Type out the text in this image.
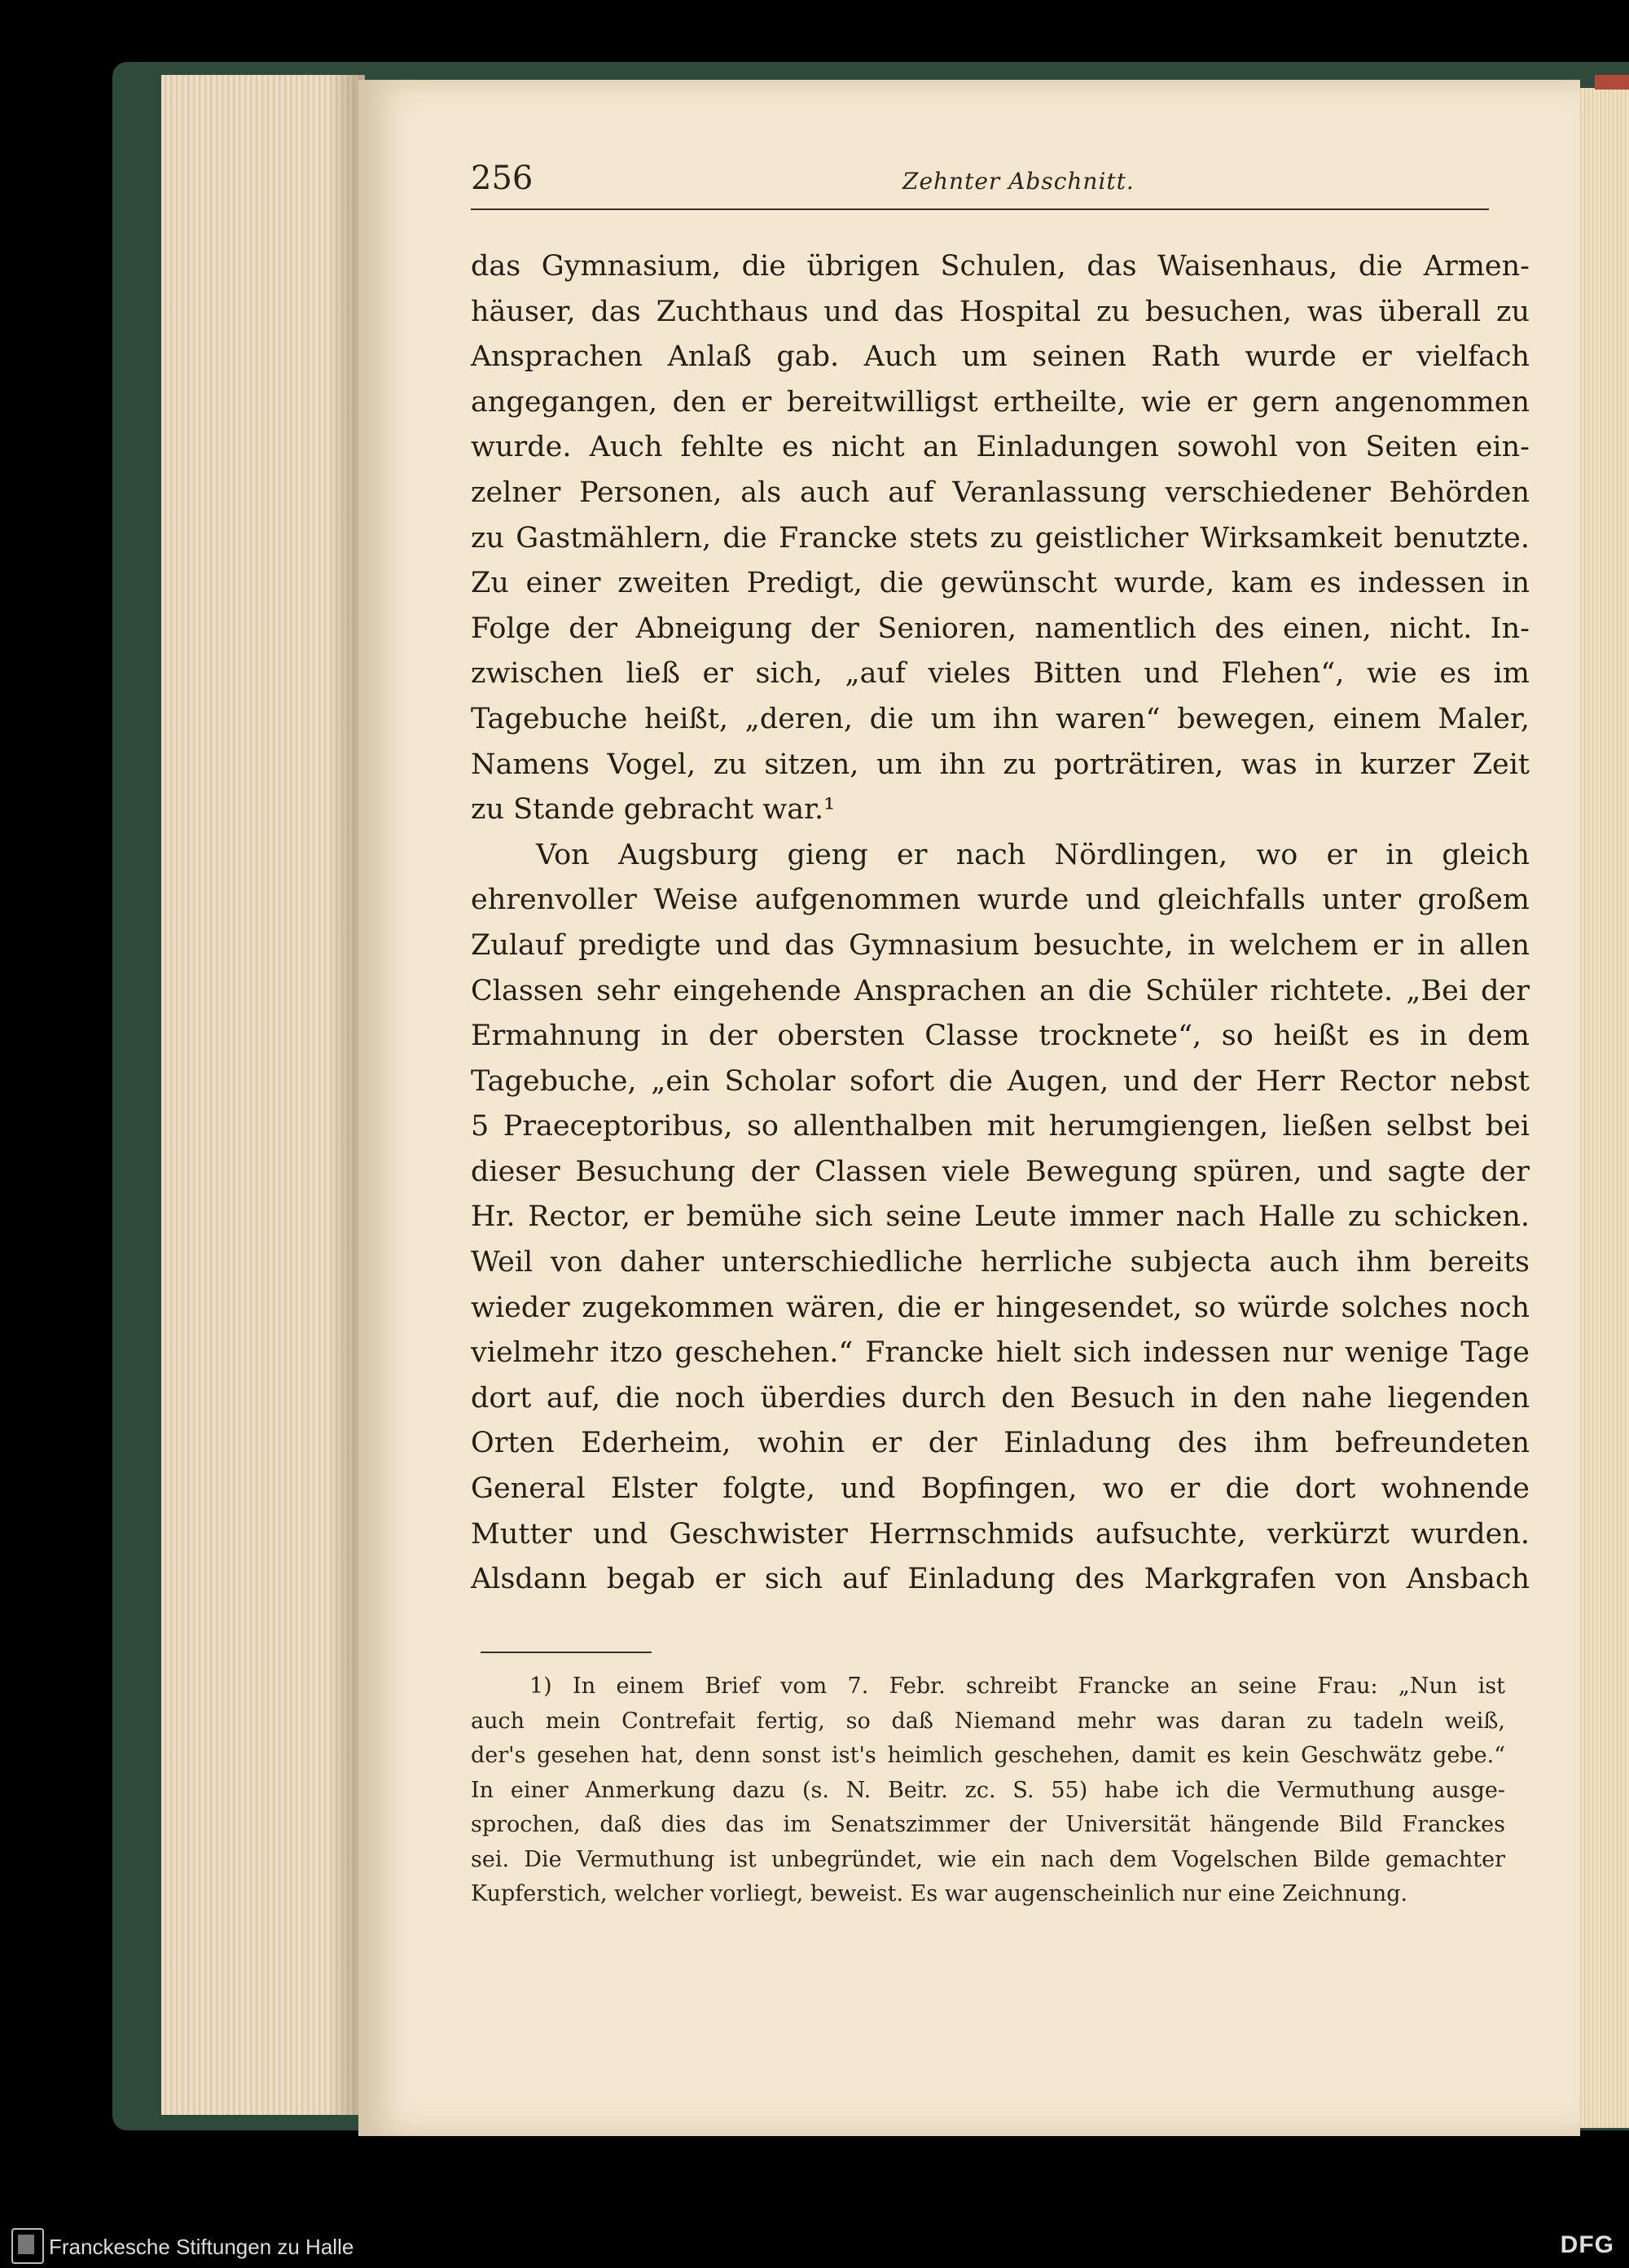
256	Zehnter Abschnitt.
das Gymnasium, die übrigen Schulen, das Waisenhaus, die Armen-
häuser, das Zuchthaus und das Hospital zu besuchen, was überall zu
Ansprachen Anlaß gab. Auch um seinen Rath wurde er vielfach
angegangen, den er bereitwilligst ertheilte, wie er gern angenommen
wurde. Auch fehlte es nicht an Einladungen sowohl von Seiten ein-
zelner Personen, als auch auf Veranlassung verschiedener Behörden
zu Gastmählern, die Francke stets zu geistlicher Wirksamkeit benutzte.
Zu einer zweiten Predigt, die gewünscht wurde, kam es indessen in
Folge der Abneigung der Senioren, namentlich des einen, nicht. In-
zwischen ließ er sich, „auf vieles Bitten und Flehen“, wie es im
Tagebuche heißt, „deren, die um ihn waren“ bewegen, einem Maler,
Namens Vogel, zu sitzen, um ihn zu porträtiren, was in kurzer Zeit
zu Stande gebracht war.¹
Von Augsburg gieng er nach Nördlingen, wo er in gleich
ehrenvoller Weise aufgenommen wurde und gleichfalls unter großem
Zulauf predigte und das Gymnasium besuchte, in welchem er in allen
Classen sehr eingehende Ansprachen an die Schüler richtete. „Bei der
Ermahnung in der obersten Classe trocknete“, so heißt es in dem
Tagebuche, „ein Scholar sofort die Augen, und der Herr Rector nebst
5 Praeceptoribus, so allenthalben mit herumgiengen, ließen selbst bei
dieser Besuchung der Classen viele Bewegung spüren, und sagte der
Hr. Rector, er bemühe sich seine Leute immer nach Halle zu schicken.
Weil von daher unterschiedliche herrliche subjecta auch ihm bereits
wieder zugekommen wären, die er hingesendet, so würde solches noch
vielmehr itzo geschehen.“ Francke hielt sich indessen nur wenige Tage
dort auf, die noch überdies durch den Besuch in den nahe liegenden
Orten Ederheim, wohin er der Einladung des ihm befreundeten
General Elster folgte, und Bopfingen, wo er die dort wohnende
Mutter und Geschwister Herrnschmids aufsuchte, verkürzt wurden.
Alsdann begab er sich auf Einladung des Markgrafen von Ansbach
1) In einem Brief vom 7. Febr. schreibt Francke an seine Frau: „Nun ist
auch mein Contrefait fertig, so daß Niemand mehr was daran zu tadeln weiß,
der's gesehen hat, denn sonst ist's heimlich geschehen, damit es kein Geschwätz gebe.“
In einer Anmerkung dazu (s. N. Beitr. zc. S. 55) habe ich die Vermuthung ausge-
sprochen, daß dies das im Senatszimmer der Universität hängende Bild Franckes
sei. Die Vermuthung ist unbegründet, wie ein nach dem Vogelschen Bilde gemachter
Kupferstich, welcher vorliegt, beweist. Es war augenscheinlich nur eine Zeichnung.
Franckesche Stiftungen zu Halle	DFG
